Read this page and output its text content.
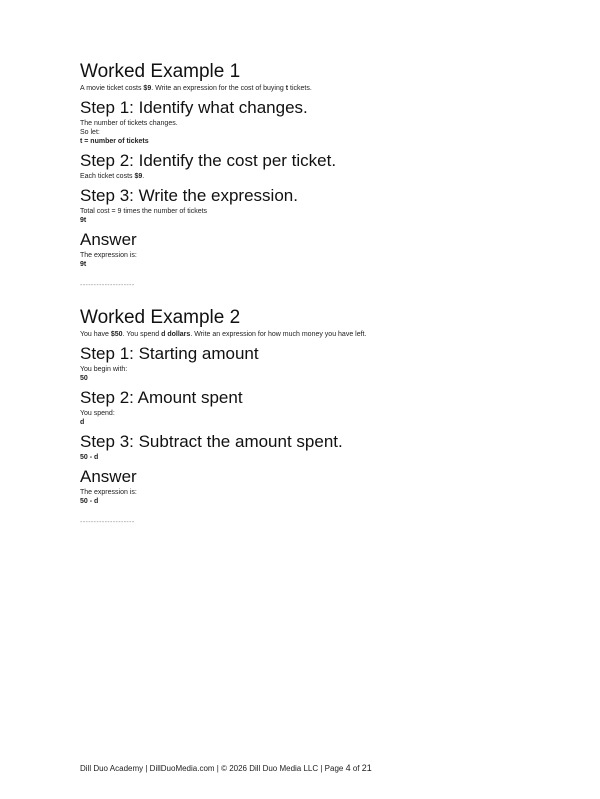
Worked Example 1

A movie ticket costs $9. Write an expression for the cost of buying t tickets.

Step 1: Identify what changes.

The number of tickets changes.

So let:

t = number of tickets

Step 2: Identify the cost per ticket.

Each ticket costs $9.

Step 3: Write the expression.

Total cost = 9 times the number of tickets

9t

Answer

The expression is:

9t

--------------------

Worked Example 2

You have $50. You spend d dollars. Write an expression for how much money you have left.

Step 1: Starting amount

You begin with:

50

Step 2: Amount spent

You spend:

d

Step 3: Subtract the amount spent.

50 - d

Answer

The expression is:

50 - d

--------------------

Dill Duo Academy | DillDuoMedia.com | © 2026 Dill Duo Media LLC | Page 4 of 21
